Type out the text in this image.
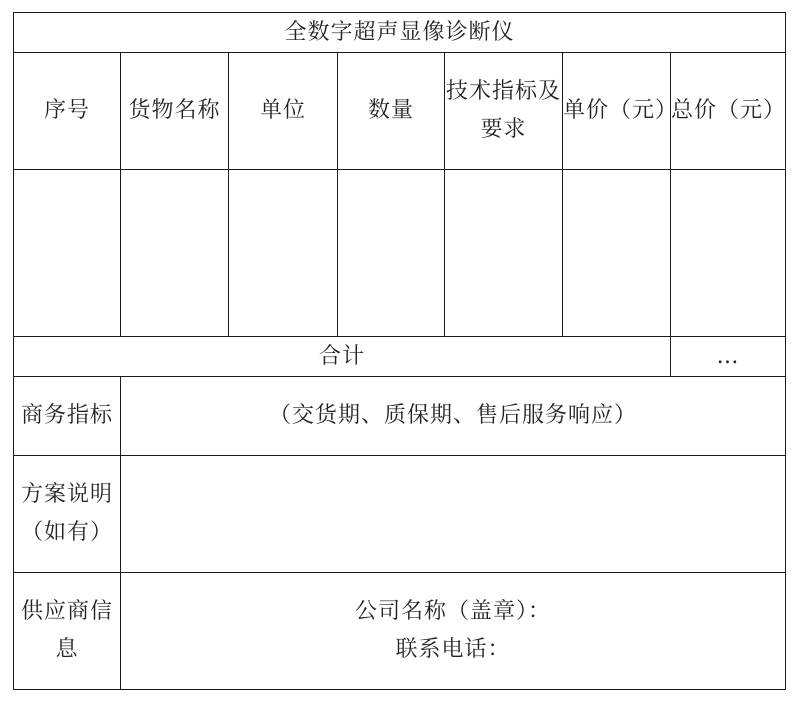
全数字超声显像诊断仪						

序号	货物名称	单位	数量	技术指标及要求	单价（元）	总价（元）

合计						…

商务指标	（交货期、质保期、售后服务响应）					

方案说明（如有）						

供应商信息	公司名称（盖章）：
联系电话：					
